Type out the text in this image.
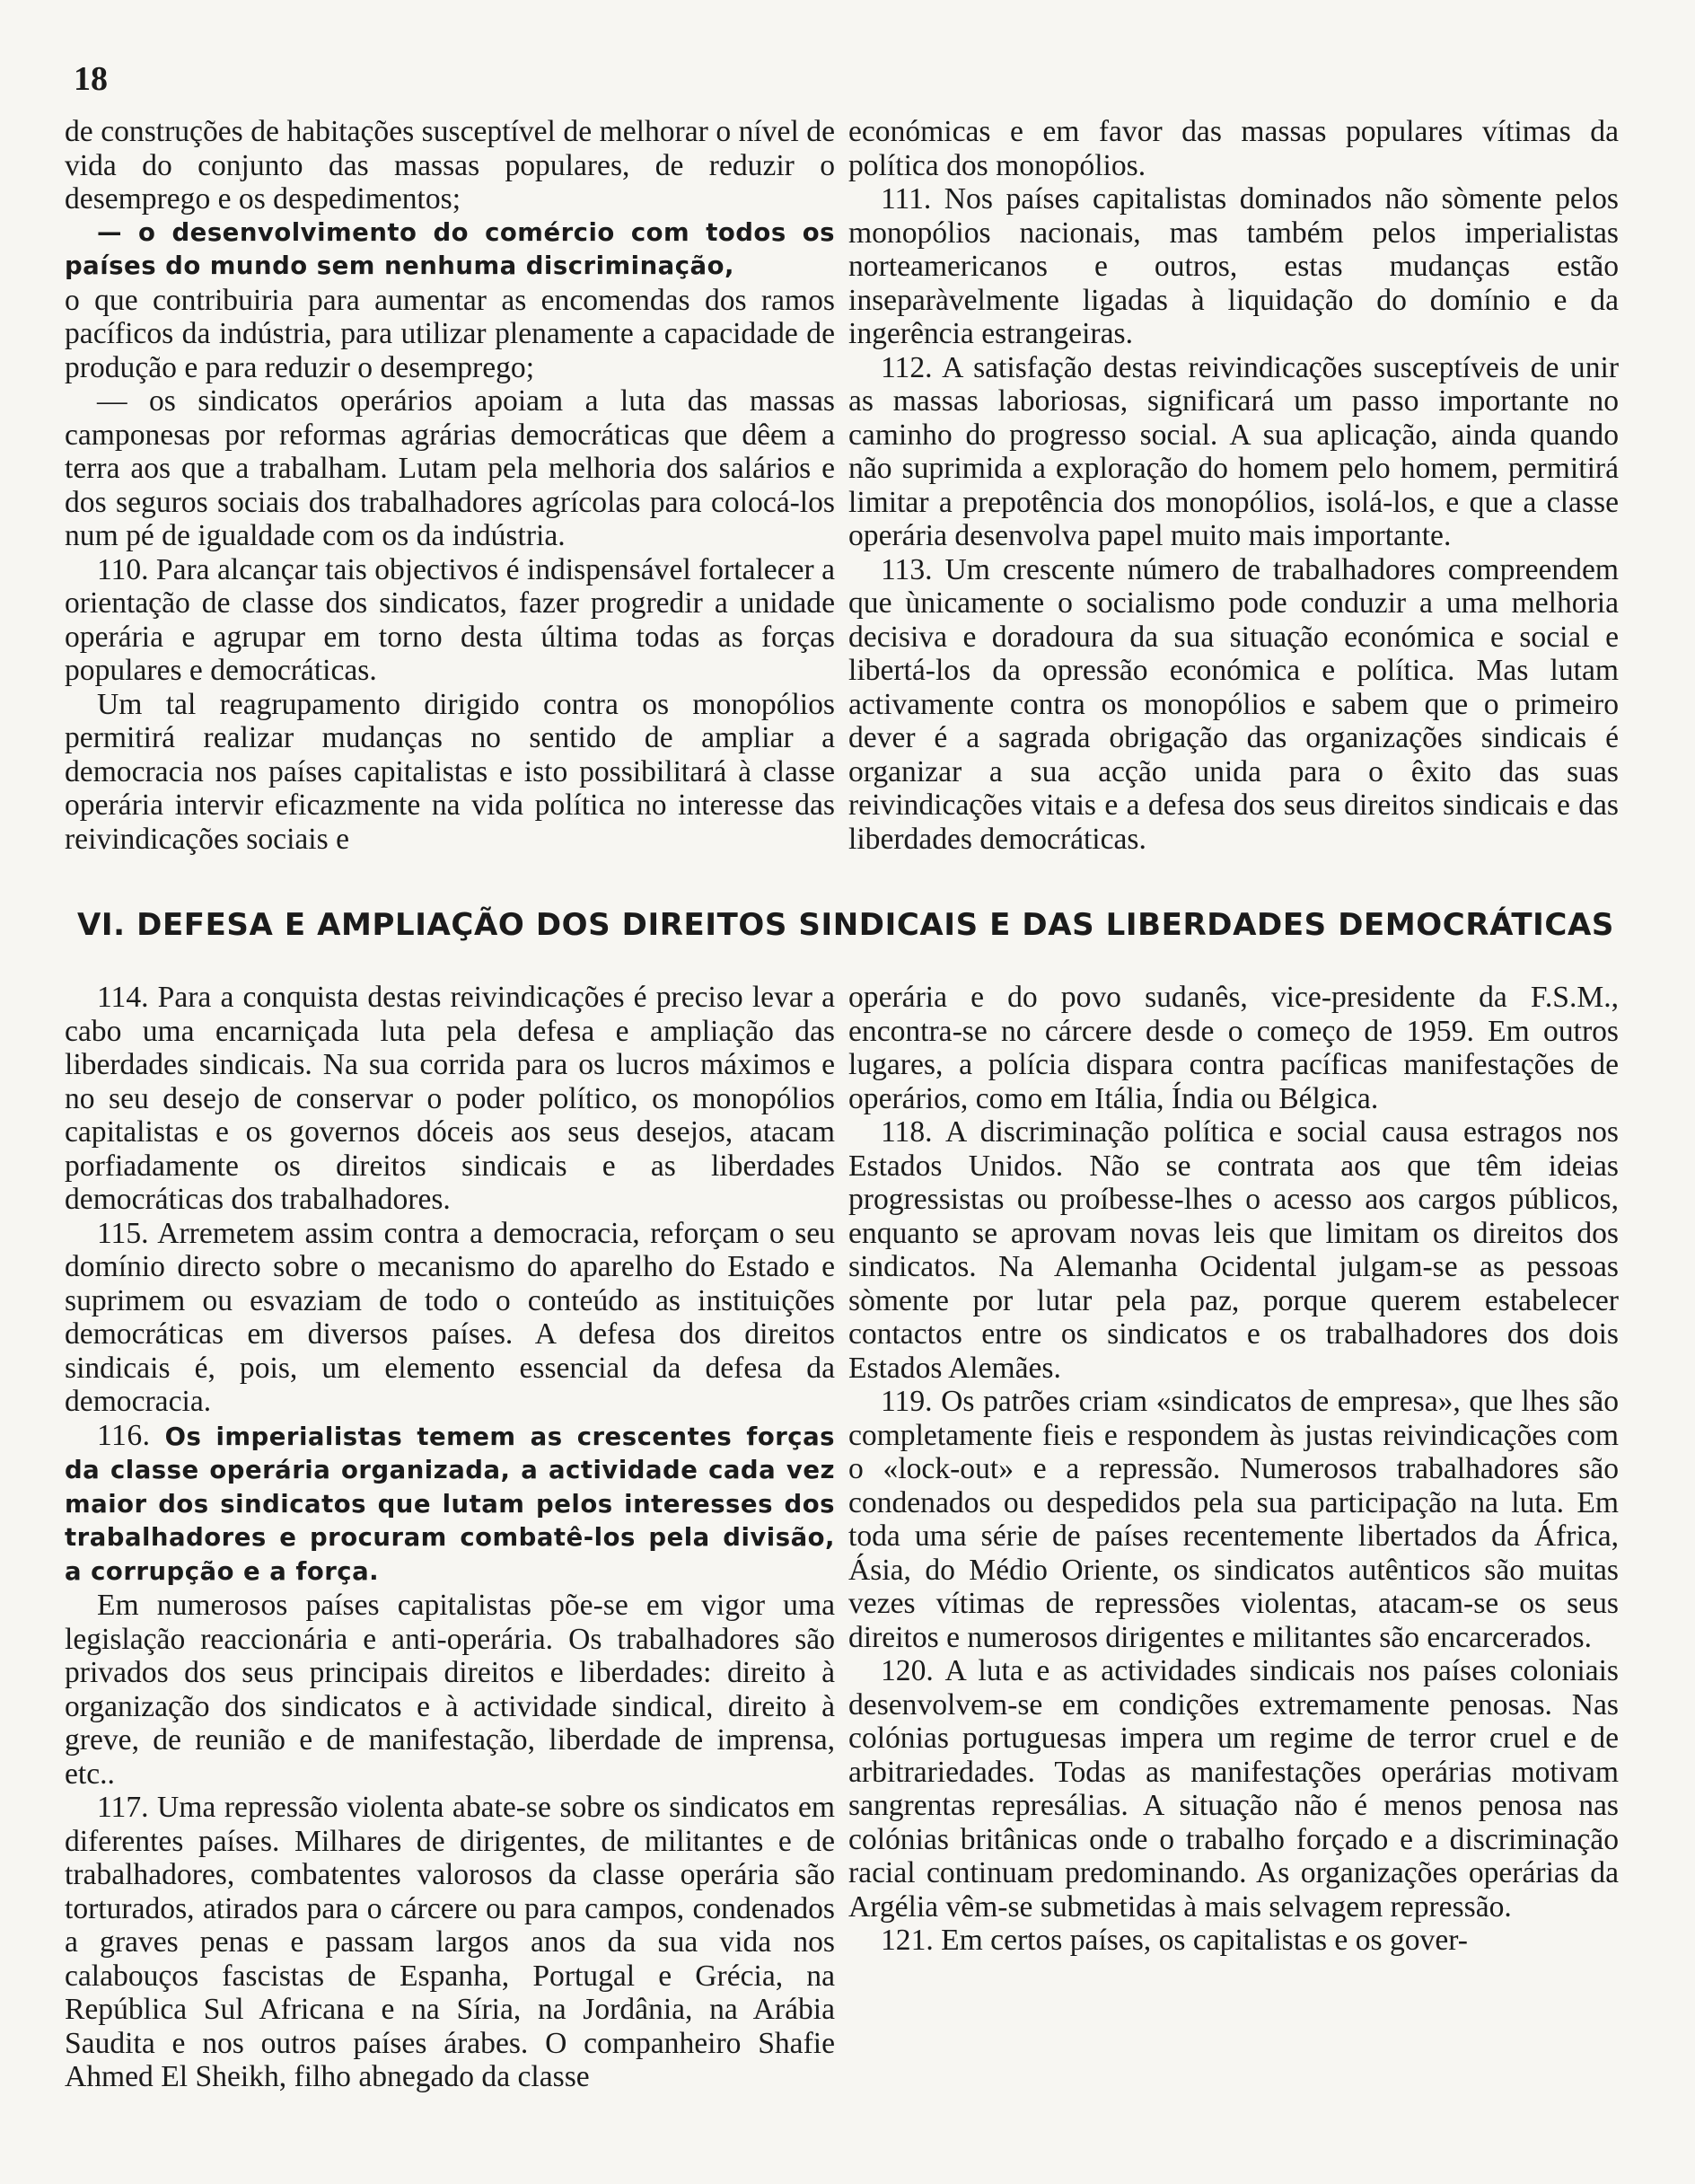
18

de construções de habitações susceptível de melhorar o nível de vida do conjunto das massas populares, de reduzir o desemprego e os despedimentos;

— o desenvolvimento do comércio com todos os países do mundo sem nenhuma discriminação,

o que contribuiria para aumentar as encomendas dos ramos pacíficos da indústria, para utilizar plenamente a capacidade de produção e para reduzir o desemprego;

— os sindicatos operários apoiam a luta das massas camponesas por reformas agrárias democráticas que dêem a terra aos que a trabalham. Lutam pela melhoria dos salários e dos seguros sociais dos trabalhadores agrícolas para colocá-los num pé de igualdade com os da indústria.

110. Para alcançar tais objectivos é indispensável fortalecer a orientação de classe dos sindicatos, fazer progredir a unidade operária e agrupar em torno desta última todas as forças populares e democráticas.

Um tal reagrupamento dirigido contra os monopólios permitirá realizar mudanças no sentido de ampliar a democracia nos países capitalistas e isto possibilitará à classe operária intervir eficazmente na vida política no interesse das reivindicações sociais e

económicas e em favor das massas populares vítimas da política dos monopólios.

111. Nos países capitalistas dominados não sòmente pelos monopólios nacionais, mas também pelos imperialistas norteamericanos e outros, estas mudanças estão inseparàvelmente ligadas à liquidação do domínio e da ingerência estrangeiras.

112. A satisfação destas reivindicações susceptíveis de unir as massas laboriosas, significará um passo importante no caminho do progresso social. A sua aplicação, ainda quando não suprimida a exploração do homem pelo homem, permitirá limitar a prepotência dos monopólios, isolá-los, e que a classe operária desenvolva papel muito mais importante.

113. Um crescente número de trabalhadores compreendem que ùnicamente o socialismo pode conduzir a uma melhoria decisiva e doradoura da sua situação económica e social e libertá-los da opressão económica e política. Mas lutam activamente contra os monopólios e sabem que o primeiro dever é a sagrada obrigação das organizações sindicais é organizar a sua acção unida para o êxito das suas reivindicações vitais e a defesa dos seus direitos sindicais e das liberdades democráticas.

VI. DEFESA E AMPLIAÇÃO DOS DIREITOS SINDICAIS E DAS LIBERDADES DEMOCRÁTICAS

114. Para a conquista destas reivindicações é preciso levar a cabo uma encarniçada luta pela defesa e ampliação das liberdades sindicais. Na sua corrida para os lucros máximos e no seu desejo de conservar o poder político, os monopólios capitalistas e os governos dóceis aos seus desejos, atacam porfiadamente os direitos sindicais e as liberdades democráticas dos trabalhadores.

115. Arremetem assim contra a democracia, reforçam o seu domínio directo sobre o mecanismo do aparelho do Estado e suprimem ou esvaziam de todo o conteúdo as instituições democráticas em diversos países. A defesa dos direitos sindicais é, pois, um elemento essencial da defesa da democracia.

116. Os imperialistas temem as crescentes forças da classe operária organizada, a actividade cada vez maior dos sindicatos que lutam pelos interesses dos trabalhadores e procuram combatê-los pela divisão, a corrupção e a força.

Em numerosos países capitalistas põe-se em vigor uma legislação reaccionária e anti-operária. Os trabalhadores são privados dos seus principais direitos e liberdades: direito à organização dos sindicatos e à actividade sindical, direito à greve, de reunião e de manifestação, liberdade de imprensa, etc..

117. Uma repressão violenta abate-se sobre os sindicatos em diferentes países. Milhares de dirigentes, de militantes e de trabalhadores, combatentes valorosos da classe operária são torturados, atirados para o cárcere ou para campos, condenados a graves penas e passam largos anos da sua vida nos calabouços fascistas de Espanha, Portugal e Grécia, na República Sul Africana e na Síria, na Jordânia, na Arábia Saudita e nos outros países árabes. O companheiro Shafie Ahmed El Sheikh, filho abnegado da classe

operária e do povo sudanês, vice-presidente da F.S.M., encontra-se no cárcere desde o começo de 1959. Em outros lugares, a polícia dispara contra pacíficas manifestações de operários, como em Itália, Índia ou Bélgica.

118. A discriminação política e social causa estragos nos Estados Unidos. Não se contrata aos que têm ideias progressistas ou proíbesse-lhes o acesso aos cargos públicos, enquanto se aprovam novas leis que limitam os direitos dos sindicatos. Na Alemanha Ocidental julgam-se as pessoas sòmente por lutar pela paz, porque querem estabelecer contactos entre os sindicatos e os trabalhadores dos dois Estados Alemães.

119. Os patrões criam «sindicatos de empresa», que lhes são completamente fieis e respondem às justas reivindicações com o «lock-out» e a repressão. Numerosos trabalhadores são condenados ou despedidos pela sua participação na luta. Em toda uma série de países recentemente libertados da África, Ásia, do Médio Oriente, os sindicatos autênticos são muitas vezes vítimas de repressões violentas, atacam-se os seus direitos e numerosos dirigentes e militantes são encarcerados.

120. A luta e as actividades sindicais nos países coloniais desenvolvem-se em condições extremamente penosas. Nas colónias portuguesas impera um regime de terror cruel e de arbitrariedades. Todas as manifestações operárias motivam sangrentas represálias. A situação não é menos penosa nas colónias britânicas onde o trabalho forçado e a discriminação racial continuam predominando. As organizações operárias da Argélia vêm-se submetidas à mais selvagem repressão.

121. Em certos países, os capitalistas e os gover-
